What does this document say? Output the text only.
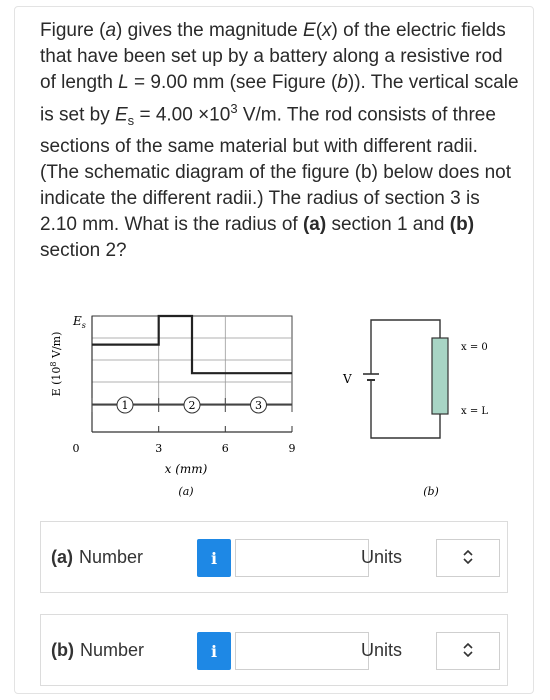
Figure (a) gives the magnitude E(x) of the electric fields that have been set up by a battery along a resistive rod of length L = 9.00 mm (see Figure (b)). The vertical scale is set by $E_s = 4.00 \times 10^3$ V/m. The rod consists of three sections of the same material but with different radii. (The schematic diagram of the figure (b) below does not indicate the different radii.) The radius of section 3 is 2.10 mm. What is the radius of (a) section 1 and (b) section 2?

E ($10^8$ V/m)
$E_s$
1	2	3
0	3	6	9
x (mm)
(a)
V
x = 0
x = L
(b)
(a) Number	i	Units
(b) Number	i	Units
